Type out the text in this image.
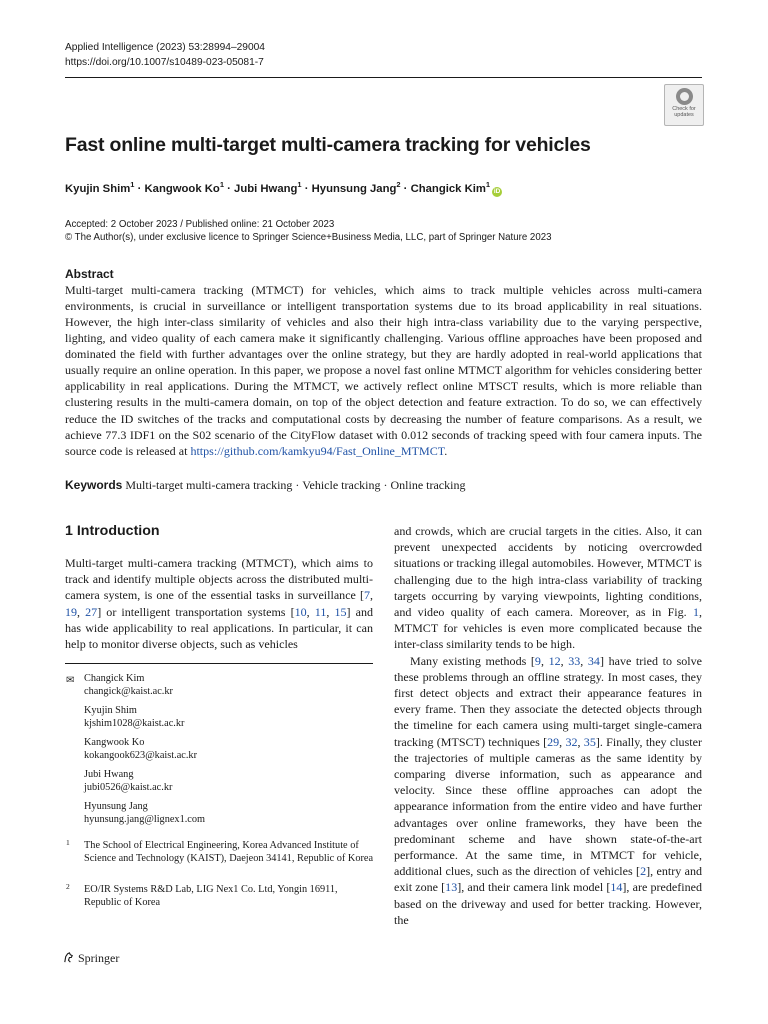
Applied Intelligence (2023) 53:28994–29004
https://doi.org/10.1007/s10489-023-05081-7
Check for
updates
Fast online multi-target multi-camera tracking for vehicles
Kyujin Shim$^1$ · Kangwook $Ko^1$ · Jubi Hwang$^1$ · Hyunsung Jang$^2$ · Changick Kim$^1$iD
Accepted: 2 October 2023 / Published online: 21 October 2023
© The Author(s), under exclusive licence to Springer Science+Business Media, LLC, part of Springer Nature 2023
Abstract
Multi-target multi-camera tracking (MTMCT) for vehicles, which aims to track multiple vehicles across multi-camera environments, is crucial in surveillance or intelligent transportation systems due to its broad applicability in real situations. However, the high inter-class similarity of vehicles and also their high intra-class variability due to the varying perspective, lighting, and video quality of each camera make it significantly challenging. Various offline approaches have been proposed and dominated the field with further advantages over the online strategy, but they are hardly adopted in real-world applications that usually require an online operation. In this paper, we propose a novel fast online MTMCT algorithm for vehicles considering better applicability in real applications. During the MTMCT, we actively reflect online MTSCT results, which is more reliable than clustering results in the multi-camera domain, on top of the object detection and feature extraction. To do so, we can effectively reduce the ID switches of the tracks and computational costs by decreasing the number of feature comparisons. As a result, we achieve 77.3 IDF1 on the S02 scenario of the CityFlow dataset with 0.012 seconds of tracking speed with four camera inputs. The source code is released at https://github.com/kamkyu94/Fast_Online_MTMCT.
Keywords Multi-target multi-camera tracking · Vehicle tracking · Online tracking
1 Introduction

Multi-target multi-camera tracking (MTMCT), which aims to track and identify multiple objects across the distributed multi-camera system, is one of the essential tasks in surveillance [7, 19, 27] or intelligent transportation systems [10, 11, 15] and has wide applicability to real applications. In particular, it can help to monitor diverse objects, such as vehicles

✉ Changick Kim
changick@kaist.ac.kr
Kyujin Shim
kjshim1028@kaist.ac.kr
Kangwook Ko
kokangook623@kaist.ac.kr
Jubi Hwang
jubi0526@kaist.ac.kr
Hyunsung Jang
hyunsung.jang@lignex1.com
1 The School of Electrical Engineering, Korea Advanced Institute of Science and Technology (KAIST), Daejeon 34141, Republic of Korea
2 EO/IR Systems R&D Lab, LIG Nex1 Co. Ltd, Yongin 16911, Republic of Korea

and crowds, which are crucial targets in the cities. Also, it can prevent unexpected accidents by noticing overcrowded situations or tracking illegal automobiles. However, MTMCT is challenging due to the high intra-class variability of tracking targets occurring by varying viewpoints, lighting conditions, and video quality of each camera. Moreover, as in Fig. 1, MTMCT for vehicles is even more complicated because the inter-class similarity tends to be high.

Many existing methods [9, 12, 33, 34] have tried to solve these problems through an offline strategy. In most cases, they first detect objects and extract their appearance features in every frame. Then they associate the detected objects through the timeline for each camera using multi-target single-camera tracking (MTSCT) techniques [29, 32, 35]. Finally, they cluster the trajectories of multiple cameras as the same identity by comparing diverse information, such as appearance and velocity. Since these offline approaches can adopt the appearance information from the entire video and have further advantages over online frameworks, they have been the predominant scheme and have shown state-of-the-art performance. At the same time, in MTMCT for vehicle, additional clues, such as the direction of vehicles [2], entry and exit zone [13], and their camera link model [14], are predefined based on the driveway and used for better tracking. However, the

Springer
